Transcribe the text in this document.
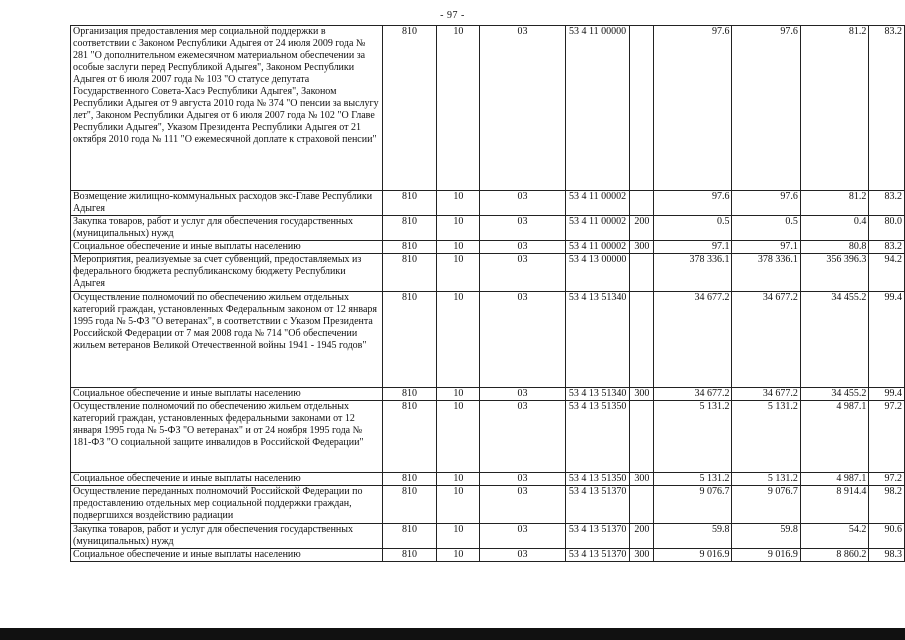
- 97 -
Организация предоставления мер социальной поддержки в соответствии с Законом Республики Адыгея от 24 июля 2009 года № 281 "О дополнительном ежемесячном материальном обеспечении за особые заслуги перед Республикой Адыгея", Законом Республики Адыгея от 6 июля 2007 года № 103 "О статусе депутата Государственного Совета-Хасэ Республики Адыгея", Законом Республики Адыгея от 9 августа 2010 года № 374 "О пенсии за выслугу лет", Законом Республики Адыгея от 6 июля 2007 года № 102 "О Главе Республики Адыгея", Указом Президента Республики Адыгея от 21 октября 2010 года № 111 "О ежемесячной доплате к страховой пенсии"	810	10	03	53 4 11 00000		97.6	97.6	81.2	83.2
Возмещение жилищно-коммунальных расходов экс-Главе Республики Адыгея	810	10	03	53 4 11 00002		97.6	97.6	81.2	83.2
Закупка товаров, работ и услуг для обеспечения государственных (муниципальных) нужд	810	10	03	53 4 11 00002	200	0.5	0.5	0.4	80.0
Социальное обеспечение и иные выплаты населению	810	10	03	53 4 11 00002	300	97.1	97.1	80.8	83.2
Мероприятия, реализуемые за счет субвенций, предоставляемых из федерального бюджета республиканскому бюджету Республики Адыгея	810	10	03	53 4 13 00000		378 336.1	378 336.1	356 396.3	94.2
Осуществление полномочий по обеспечению жильем отдельных категорий граждан, установленных Федеральным законом от 12 января 1995 года № 5-ФЗ "О ветеранах", в соответствии с Указом Президента Российской Федерации от 7 мая 2008 года № 714 "Об обеспечении жильем ветеранов Великой Отечественной войны 1941 - 1945 годов"	810	10	03	53 4 13 51340		34 677.2	34 677.2	34 455.2	99.4
Социальное обеспечение и иные выплаты населению	810	10	03	53 4 13 51340	300	34 677.2	34 677.2	34 455.2	99.4
Осуществление полномочий по обеспечению жильем отдельных категорий граждан, установленных федеральными законами от 12 января 1995 года № 5-ФЗ "О ветеранах" и от 24 ноября 1995 года № 181-ФЗ "О социальной защите инвалидов в Российской Федерации"	810	10	03	53 4 13 51350		5 131.2	5 131.2	4 987.1	97.2
Социальное обеспечение и иные выплаты населению	810	10	03	53 4 13 51350	300	5 131.2	5 131.2	4 987.1	97.2
Осуществление переданных полномочий Российской Федерации по предоставлению отдельных мер социальной поддержки граждан, подвергшихся воздействию радиации	810	10	03	53 4 13 51370		9 076.7	9 076.7	8 914.4	98.2
Закупка товаров, работ и услуг для обеспечения государственных (муниципальных) нужд	810	10	03	53 4 13 51370	200	59.8	59.8	54.2	90.6
Социальное обеспечение и иные выплаты населению	810	10	03	53 4 13 51370	300	9 016.9	9 016.9	8 860.2	98.3
